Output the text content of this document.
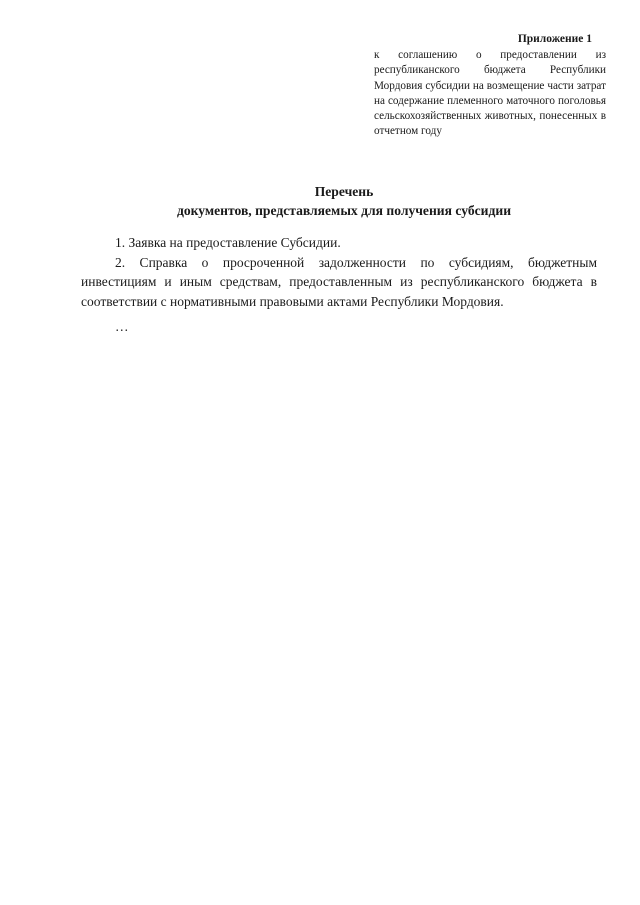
Приложение 1
к соглашению о предоставлении из республиканского бюджета Республики Мордовия субсидии на возмещение части затрат на содержание племенного маточного поголовья сельскохозяйственных животных, понесенных в отчетном году
Перечень
документов, представляемых для получения субсидии

1. Заявка на предоставление Субсидии.

2. Справка о просроченной задолженности по субсидиям, бюджетным инвестициям и иным средствам, предоставленным из республиканского бюджета в соответствии с нормативными правовыми актами Республики Мордовия.

…
